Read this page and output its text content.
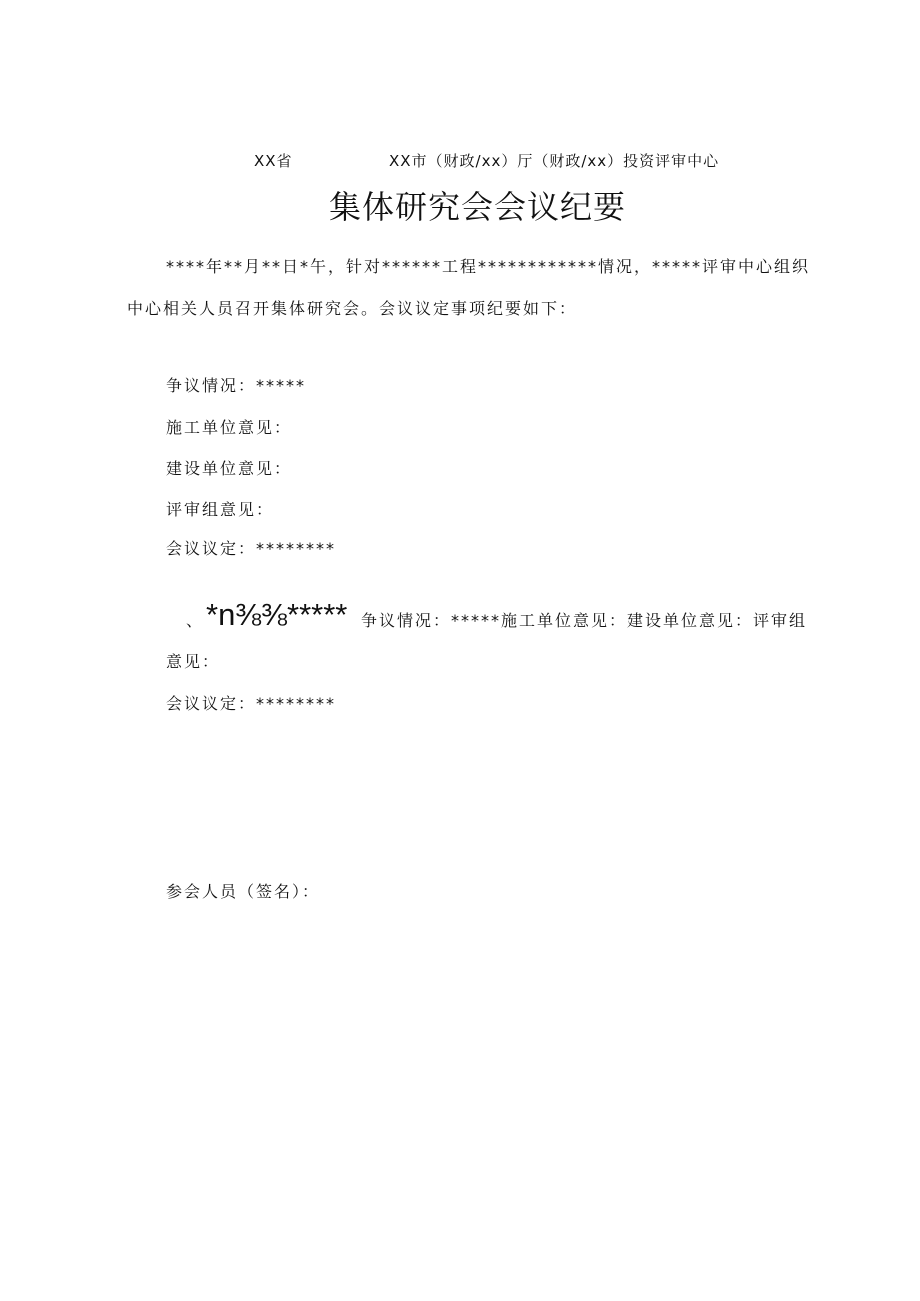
XX省	XX市（财政/xx）厅（财政/xx）投资评审中心
集体研究会会议纪要
****年**月**日*午，针对******工程************情况，*****评审中心组织
中心相关人员召开集体研究会。会议议定事项纪要如下：
争议情况：*****
施工单位意见：
建设单位意见：
评审组意见：
会议议定：********
、 *n⅜⅜***** 争议情况：*****施工单位意见：建设单位意见：评审组
意见：
会议议定：********
参会人员（签名）：
